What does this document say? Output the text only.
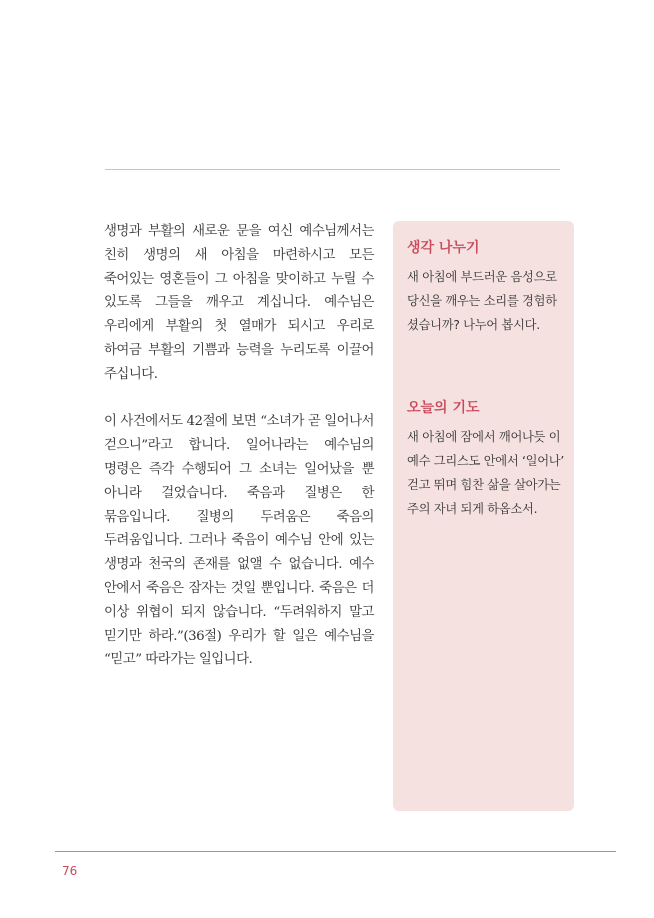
생명과 부활의 새로운 문을 여신 예수님께서는 친히 생명의 새 아침을 마련하시고 모든 죽어있는 영혼들이 그 아침을 맞이하고 누릴 수 있도록 그들을 깨우고 계십니다. 예수님은 우리에게 부활의 첫 열매가 되시고 우리로 하여금 부활의 기쁨과 능력을 누리도록 이끌어 주십니다.

이 사건에서도 42절에 보면 “소녀가 곧 일어나서 걷으니”라고 합니다. 일어나라는 예수님의 명령은 즉각 수행되어 그 소녀는 일어났을 뿐 아니라 걸었습니다. 죽음과 질병은 한 묶음입니다. 질병의 두려움은 죽음의 두려움입니다. 그러나 죽음이 예수님 안에 있는 생명과 천국의 존재를 없앨 수 없습니다. 예수 안에서 죽음은 잠자는 것일 뿐입니다. 죽음은 더 이상 위협이 되지 않습니다. “두려워하지 말고 믿기만 하라.”(36절) 우리가 할 일은 예수님을 “믿고” 따라가는 일입니다.

생각 나누기

새 아침에 부드러운 음성으로 당신을 깨우는 소리를 경험하셨습니까? 나누어 봅시다.

오늘의 기도

새 아침에 잠에서 깨어나듯 이 예수 그리스도 안에서 ‘일어나’ 걷고 뛰며 힘찬 삶을 살아가는 주의 자녀 되게 하옵소서.

76
